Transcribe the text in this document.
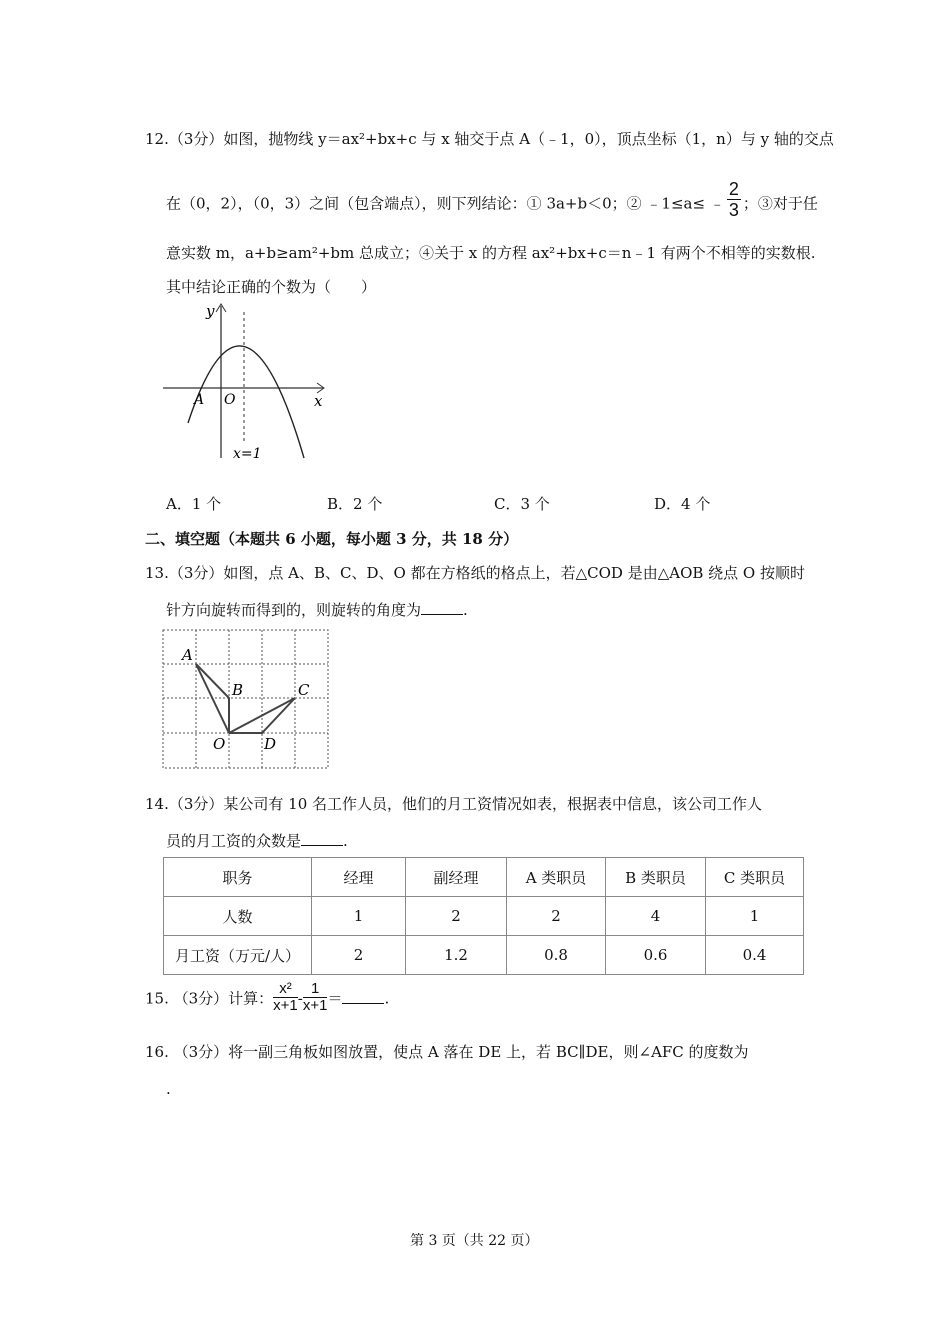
12.（3分）如图，抛物线 y＝ax²+bx+c 与 x 轴交于点 A（﹣1，0），顶点坐标（1，n）与 y 轴的交点
在（0，2），（0，3）之间（包含端点），则下列结论：① 3a+b＜0；② ﹣1≤a≤ ﹣ $\frac{2}{3}$ ；③对于任
意实数 m，a+b≥am²+bm 总成立；④关于 x 的方程 ax²+bx+c＝n﹣1 有两个不相等的实数根.
其中结论正确的个数为（　　）
y
x
A O
x=1
A．1 个	B．2 个	C．3 个	D．4 个
二、填空题（本题共 6 小题，每小题 3 分，共 18 分）
13.（3分）如图，点 A、B、C、D、O 都在方格纸的格点上，若△COD 是由△AOB 绕点 O 按顺时
针方向旋转而得到的，则旋转的角度为	.
A
B	C
D
O
14.（3分）某公司有 10 名工作人员，他们的月工资情况如表，根据表中信息，该公司工作人
员的月工资的众数是	.
职务	经理	副经理	A 类职员	B 类职员	C 类职员
人数	1	2	2	4	1
月工资（万元/人）	2	1.2	0.8	0.6	0.4
15. （3分）计算： $\frac{\text{x²}}{x+1} - \frac{1}{x+1}$ ＝	.
16. （3分）将一副三角板如图放置，使点 A 落在 DE 上，若 BC∥DE，则∠AFC 的度数为
.
第 3 页（共 22 页）
